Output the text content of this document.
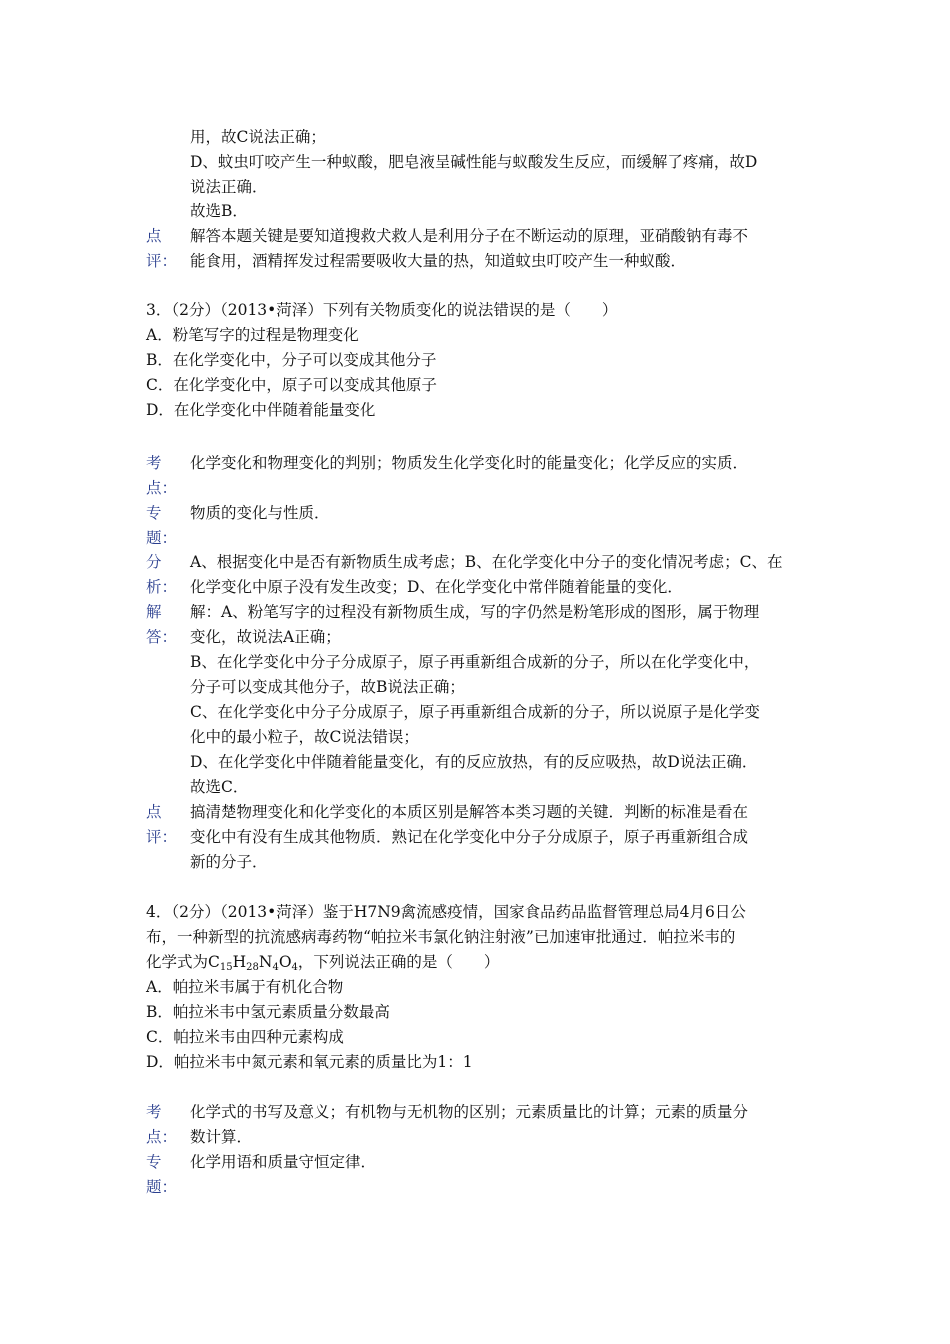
用，故C说法正确；
D、蚊虫叮咬产生一种蚁酸，肥皂液呈碱性能与蚁酸发生反应，而缓解了疼痛，故D
说法正确．
故选B．
点
评：
解答本题关键是要知道搜救犬救人是利用分子在不断运动的原理，亚硝酸钠有毒不
能食用，酒精挥发过程需要吸收大量的热，知道蚊虫叮咬产生一种蚁酸．
3．（2分）（2013•菏泽）下列有关物质变化的说法错误的是（　　）
A．粉笔写字的过程是物理变化
B．在化学变化中，分子可以变成其他分子
C．在化学变化中，原子可以变成其他原子
D．在化学变化中伴随着能量变化
考
点：
化学变化和物理变化的判别；物质发生化学变化时的能量变化；化学反应的实质．
专
题：
物质的变化与性质．
分
析：
A、根据变化中是否有新物质生成考虑；B、在化学变化中分子的变化情况考虑；C、在
化学变化中原子没有发生改变；D、在化学变化中常伴随着能量的变化．
解
答：
解：A、粉笔写字的过程没有新物质生成，写的字仍然是粉笔形成的图形，属于物理
变化，故说法A正确；
B、在化学变化中分子分成原子，原子再重新组合成新的分子，所以在化学变化中，
分子可以变成其他分子，故B说法正确；
C、在化学变化中分子分成原子，原子再重新组合成新的分子，所以说原子是化学变
化中的最小粒子，故C说法错误；
D、在化学变化中伴随着能量变化，有的反应放热，有的反应吸热，故D说法正确．
故选C．
点
评：
搞清楚物理变化和化学变化的本质区别是解答本类习题的关键．判断的标准是看在
变化中有没有生成其他物质．熟记在化学变化中分子分成原子，原子再重新组合成
新的分子．
4．（2分）（2013•菏泽）鉴于H7N9禽流感疫情，国家食品药品监督管理总局4月6日公
布，一种新型的抗流感病毒药物“帕拉米韦氯化钠注射液”已加速审批通过．帕拉米韦的
化学式为$C_{15}H_{28}N_4O_4$，下列说法正确的是（　　）
A．帕拉米韦属于有机化合物
B．帕拉米韦中氢元素质量分数最高
C．帕拉米韦由四种元素构成
D．帕拉米韦中氮元素和氧元素的质量比为1：1
考
点：
化学式的书写及意义；有机物与无机物的区别；元素质量比的计算；元素的质量分
数计算．
专
题：
化学用语和质量守恒定律．
